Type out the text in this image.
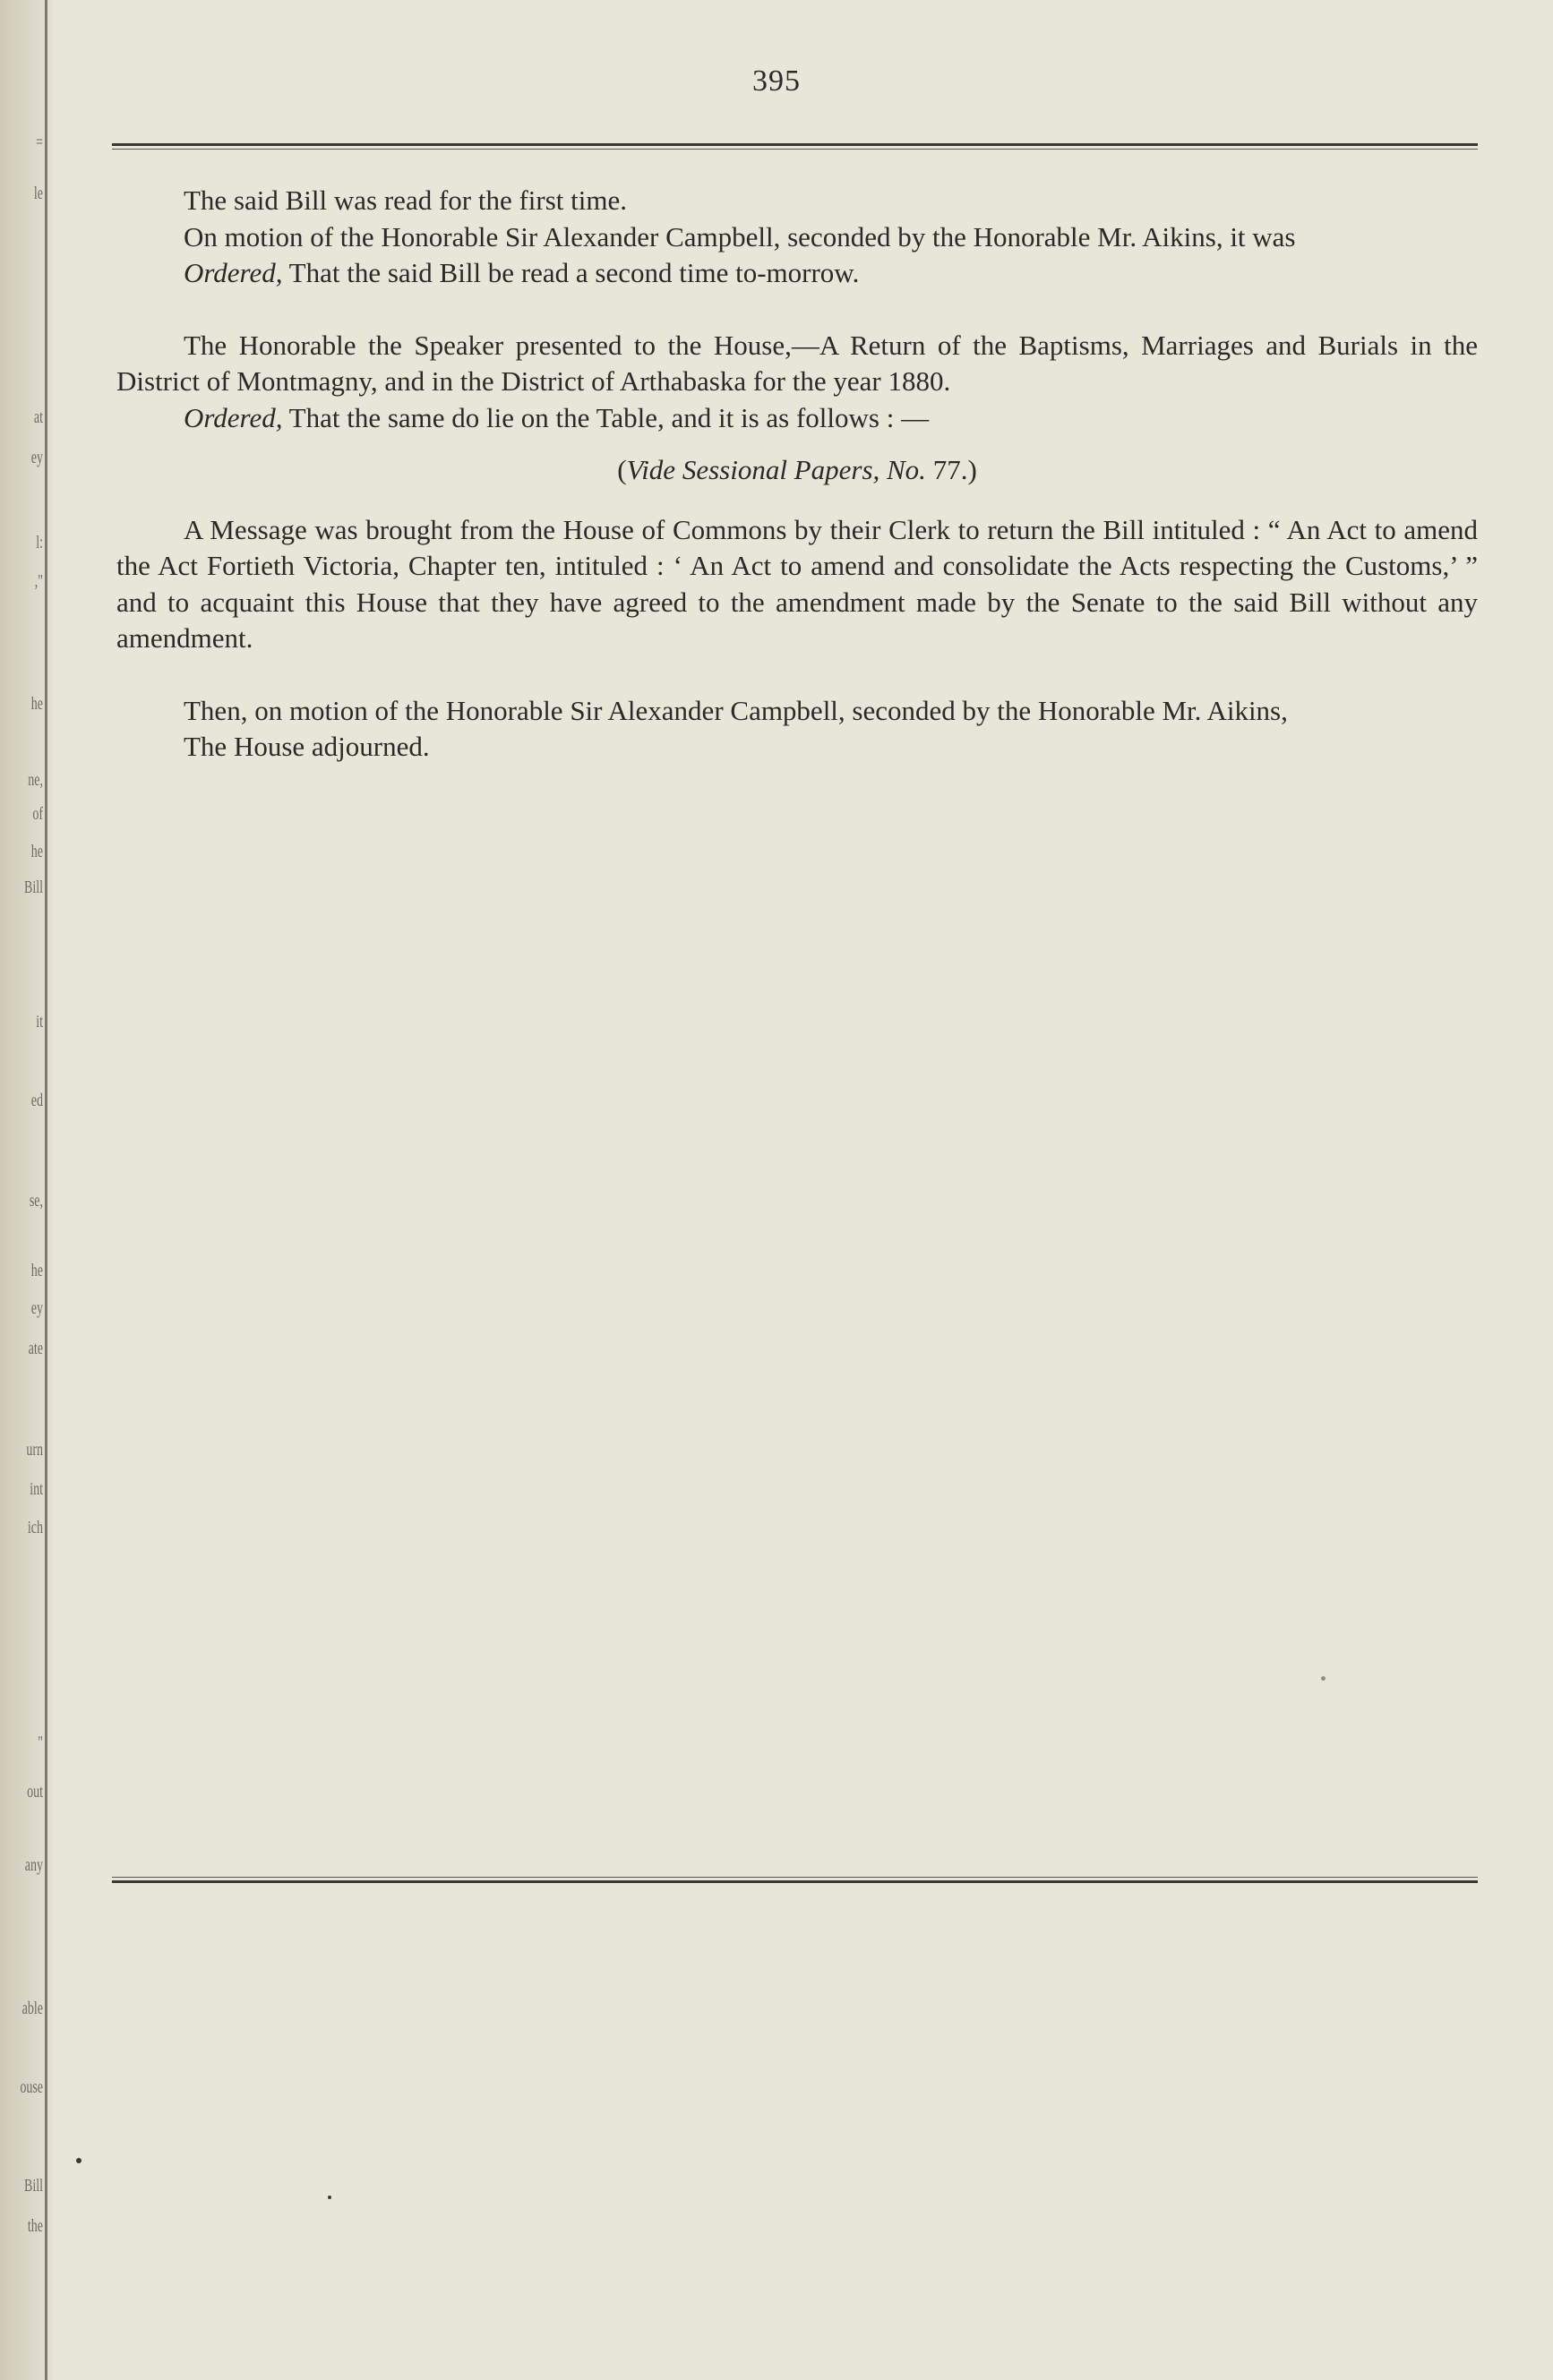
=
le
at
ey
l:
,"
he
ne,
of
he
Bill
it
ed
se,
he
ey
ate
urn
int
ich
"
out
any
able
ouse
Bill
the
395

The said Bill was read for the first time.

On motion of the Honorable Sir Alexander Campbell, seconded by the Honorable Mr. Aikins, it was

Ordered, That the said Bill be read a second time to-morrow.

The Honorable the Speaker presented to the House,—A Return of the Baptisms, Marriages and Burials in the District of Montmagny, and in the District of Arthabaska for the year 1880.

Ordered, That the same do lie on the Table, and it is as follows : —

(Vide Sessional Papers, No. 77.)

A Message was brought from the House of Commons by their Clerk to return the Bill intituled : “ An Act to amend the Act Fortieth Victoria, Chapter ten, intituled : ‘ An Act to amend and consolidate the Acts respecting the Customs,’ ” and to acquaint this House that they have agreed to the amendment made by the Senate to the said Bill without any amendment.

Then, on motion of the Honorable Sir Alexander Campbell, seconded by the Honorable Mr. Aikins,

The House adjourned.
